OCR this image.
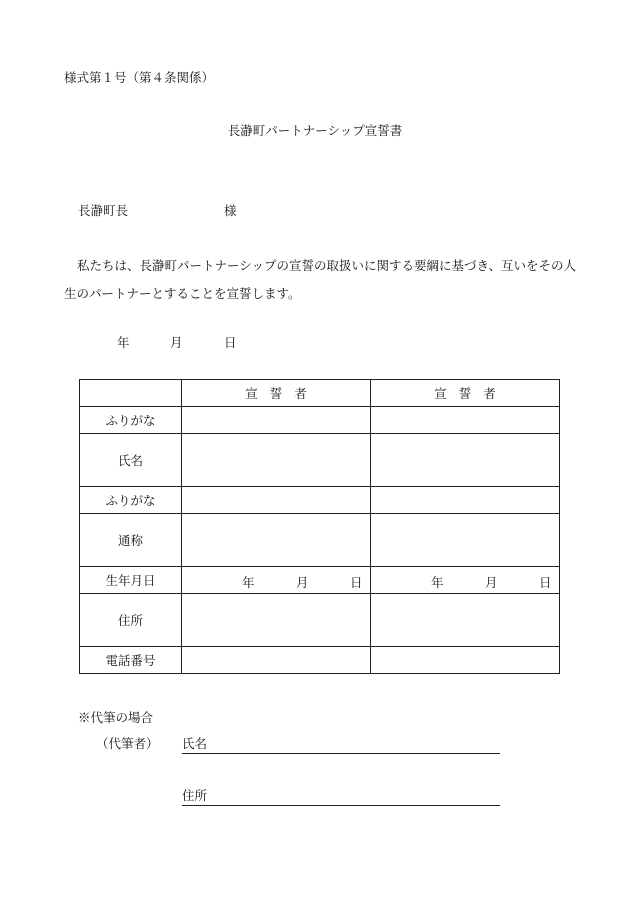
様式第１号（第４条関係）
長瀞町パートナーシップ宣誓書
長瀞町長	様
私たちは、長瀞町パートナーシップの宣誓の取扱いに関する要綱に基づき、互いをその人生のパートナーとすることを宣誓します。
年	月	日
	宣誓者	宣誓者
ふりがな		
氏名		
ふりがな		
通称		
生年月日	年 月 日	年 月 日

住所		
電話番号		
※代筆の場合
（代筆者） 氏名
住所
